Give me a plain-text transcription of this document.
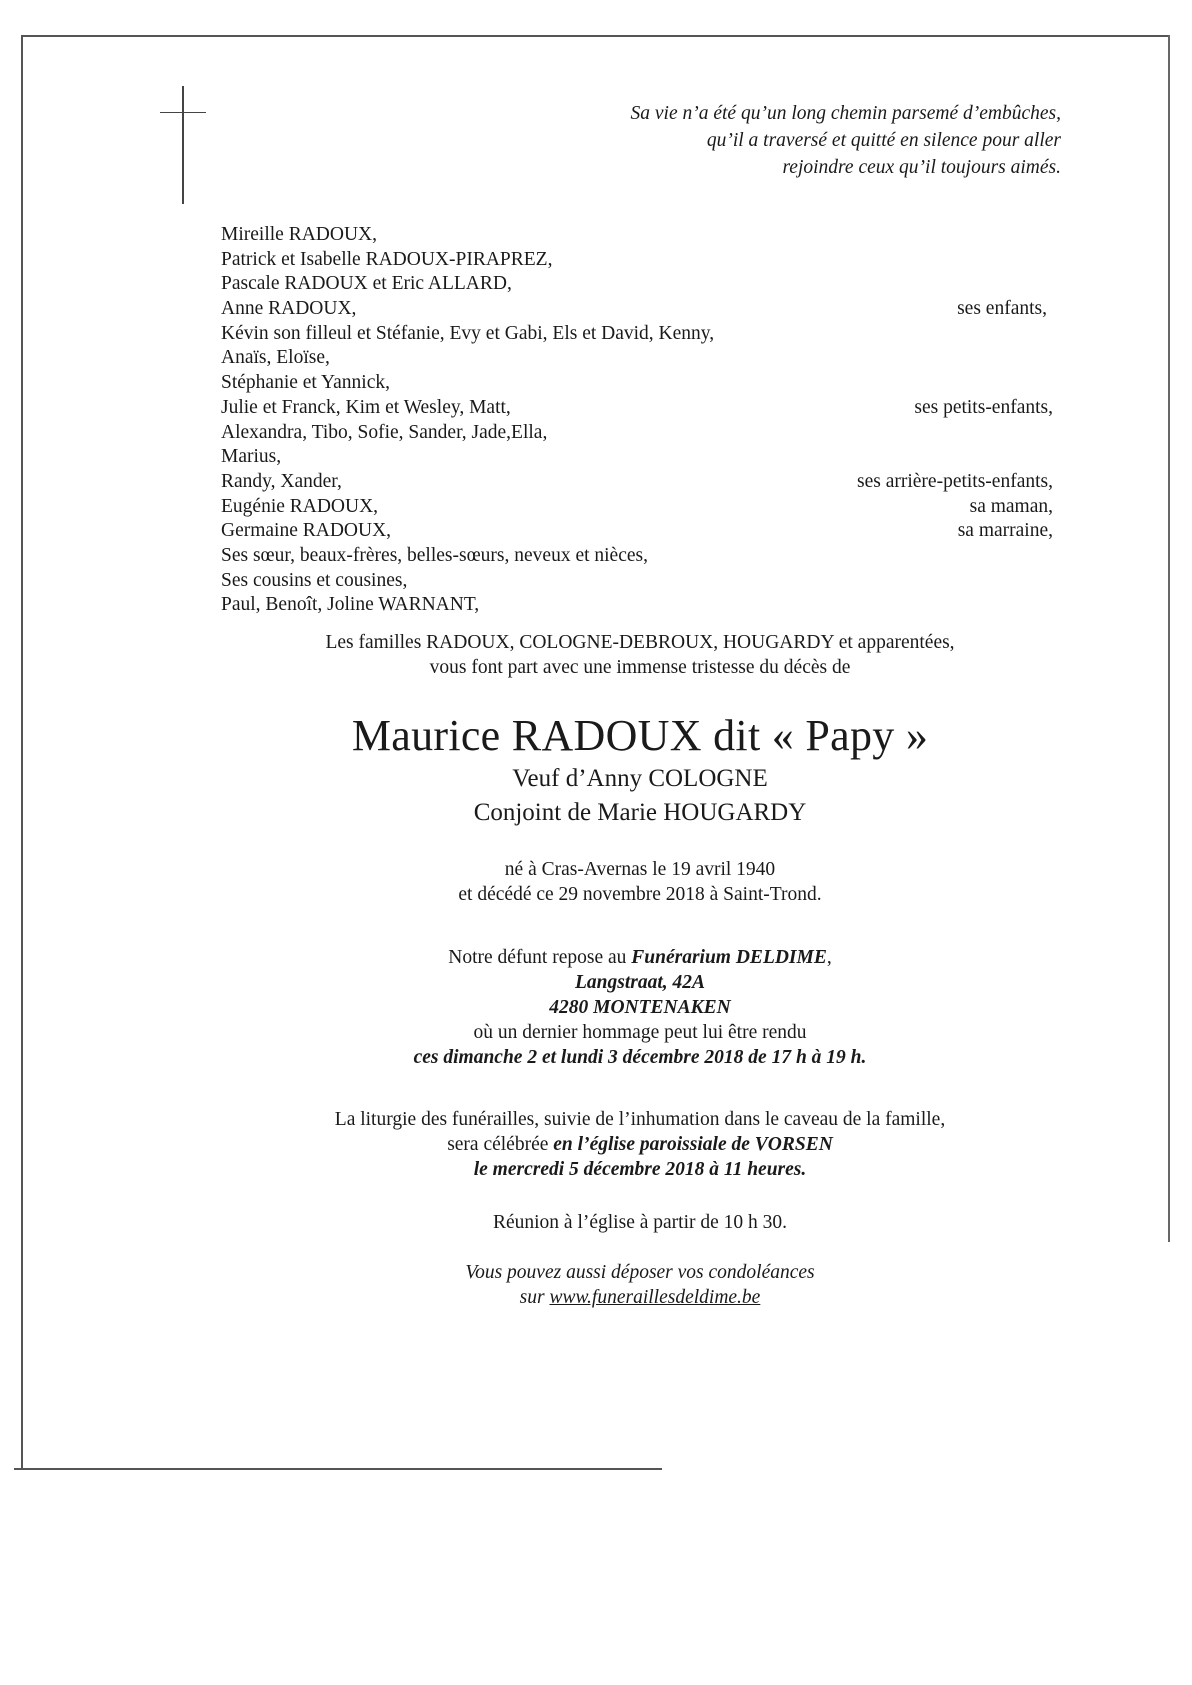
Sa vie n’a été qu’un long chemin parsemé d’embûches,
qu’il a traversé et quitté en silence pour aller
rejoindre ceux qu’il toujours aimés.
Mireille RADOUX,
Patrick et Isabelle RADOUX-PIRAPREZ,
Pascale RADOUX et Eric ALLARD,
Anne RADOUX,	ses enfants,
Kévin son filleul et Stéfanie, Evy et Gabi, Els et David, Kenny,
Anaïs, Eloïse,
Stéphanie et Yannick,
Julie et Franck, Kim et Wesley, Matt,	ses petits-enfants,
Alexandra, Tibo, Sofie, Sander, Jade,Ella,
Marius,
Randy, Xander,	ses arrière-petits-enfants,
Eugénie RADOUX,	sa maman,
Germaine RADOUX,	sa marraine,
Ses sœur, beaux-frères, belles-sœurs, neveux et nièces,
Ses cousins et cousines,
Paul, Benoît, Joline WARNANT,
Les familles RADOUX, COLOGNE-DEBROUX, HOUGARDY et apparentées,
vous font part avec une immense tristesse du décès de
Maurice RADOUX dit « Papy »
Veuf d’Anny COLOGNE
Conjoint de Marie HOUGARDY
né à Cras-Avernas le 19 avril 1940
et décédé ce 29 novembre 2018 à Saint-Trond.
Notre défunt repose au Funérarium DELDIME,
Langstraat, 42A
4280 MONTENAKEN
où un dernier hommage peut lui être rendu
ces dimanche 2 et lundi 3 décembre 2018 de 17 h à 19 h.
La liturgie des funérailles, suivie de l’inhumation dans le caveau de la famille,
sera célébrée en l’église paroissiale de VORSEN
le mercredi 5 décembre 2018 à 11 heures.
Réunion à l’église à partir de 10 h 30.
Vous pouvez aussi déposer vos condoléances
sur www.funeraillesdeldime.be
